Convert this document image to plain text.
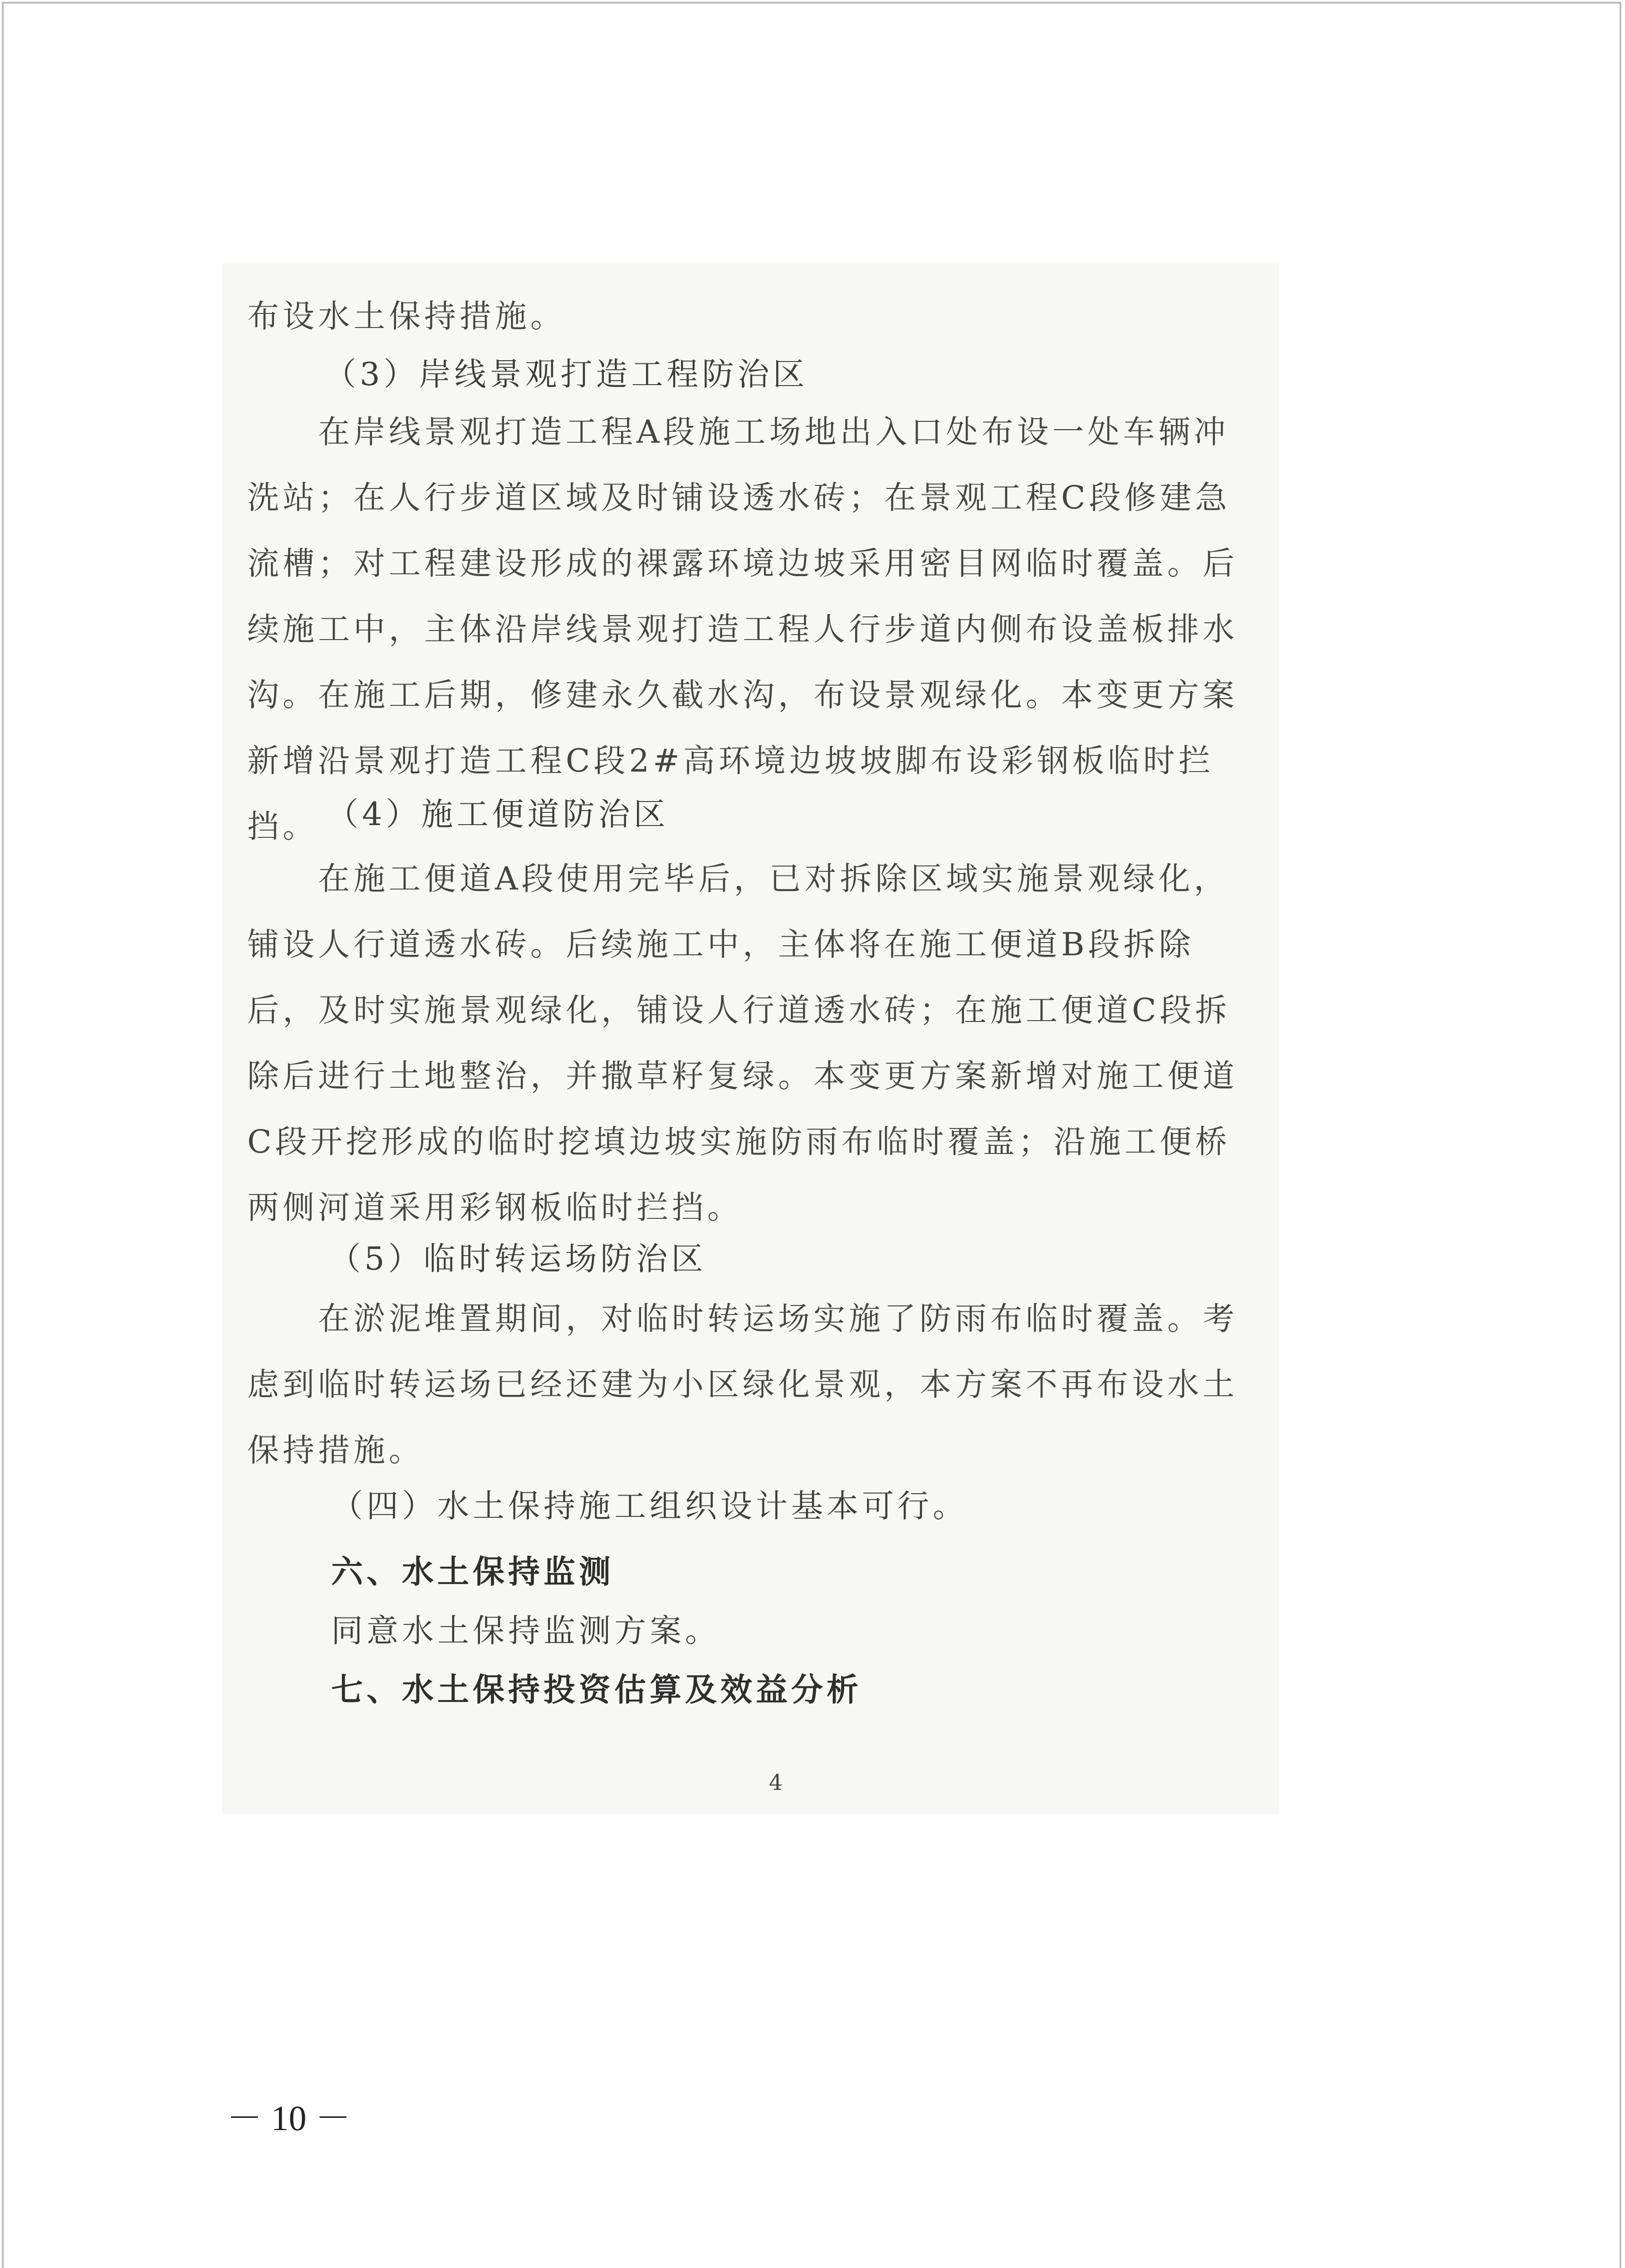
布设水土保持措施。

（3）岸线景观打造工程防治区

在岸线景观打造工程A段施工场地出入口处布设一处车辆冲洗站；在人行步道区域及时铺设透水砖；在景观工程C段修建急流槽；对工程建设形成的裸露环境边坡采用密目网临时覆盖。后续施工中，主体沿岸线景观打造工程人行步道内侧布设盖板排水沟。在施工后期，修建永久截水沟，布设景观绿化。本变更方案新增沿景观打造工程C段2#高环境边坡坡脚布设彩钢板临时拦挡。 （4）施工便道防治区

在施工便道A段使用完毕后，已对拆除区域实施景观绿化，铺设人行道透水砖。后续施工中，主体将在施工便道B段拆除后，及时实施景观绿化，铺设人行道透水砖；在施工便道C段拆除后进行土地整治，并撒草籽复绿。本变更方案新增对施工便道C段开挖形成的临时挖填边坡实施防雨布临时覆盖；沿施工便桥两侧河道采用彩钢板临时拦挡。

（5）临时转运场防治区

在淤泥堆置期间，对临时转运场实施了防雨布临时覆盖。考虑到临时转运场已经还建为小区绿化景观，本方案不再布设水土保持措施。

（四）水土保持施工组织设计基本可行。

六、水土保持监测

同意水土保持监测方案。

七、水土保持投资估算及效益分析

4
－ 10 －
